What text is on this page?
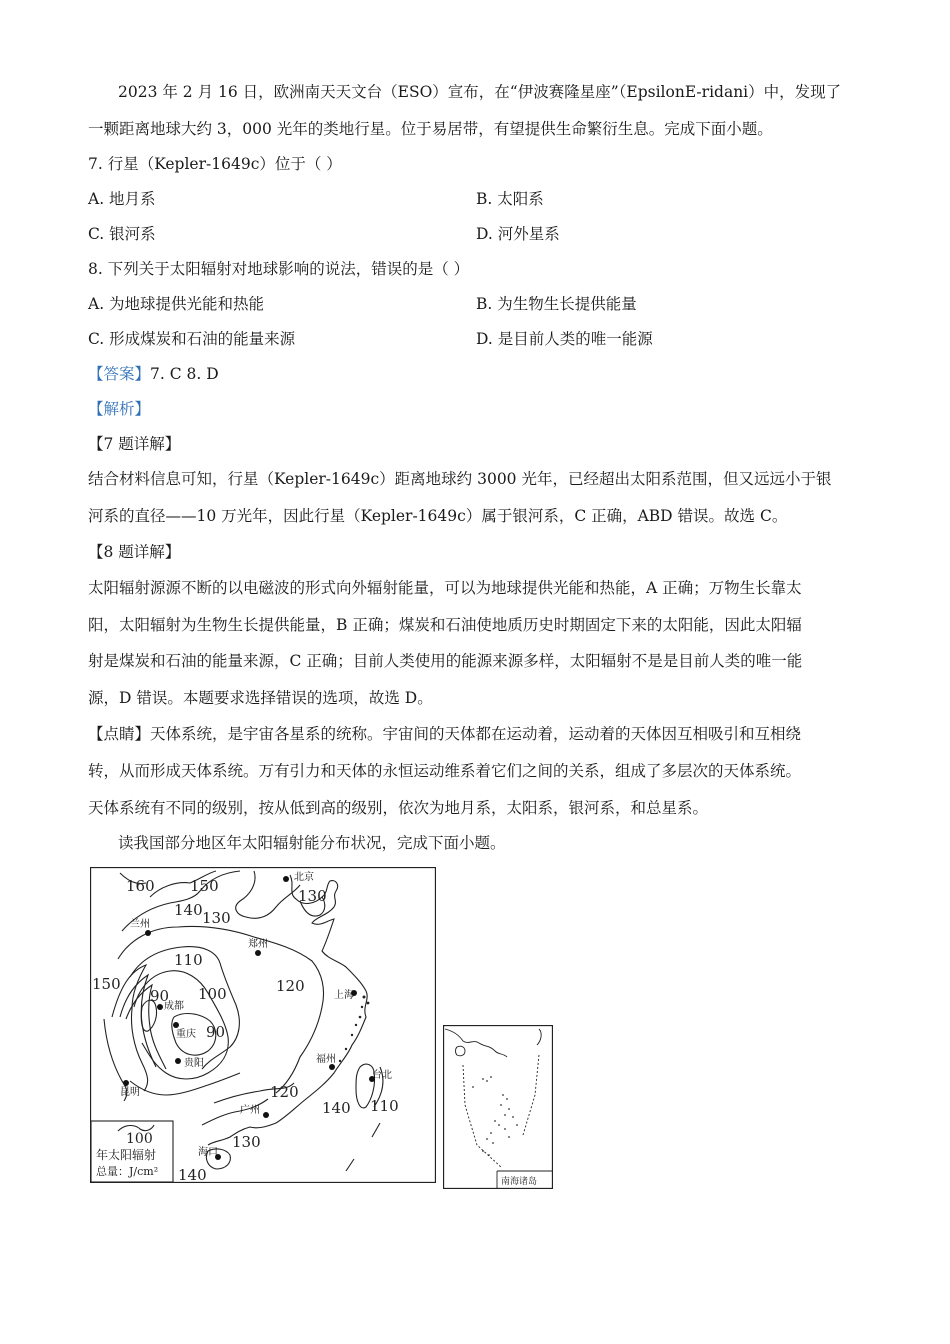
2023 年 2 月 16 日，欧洲南天天文台（ESO）宣布，在“伊波赛隆星座”（EpsilonE-ridani）中，发现了
一颗距离地球大约 3，000 光年的类地行星。位于易居带，有望提供生命繁衍生息。完成下面小题。
7. 行星（Kepler-1649c）位于（ ）
A. 地月系	B. 太阳系
C. 银河系	D. 河外星系
8. 下列关于太阳辐射对地球影响的说法，错误的是（ ）
A. 为地球提供光能和热能	B. 为生物生长提供能量
C. 形成煤炭和石油的能量来源	D. 是目前人类的唯一能源
【答案】7. C 8. D
【解析】
【7 题详解】
结合材料信息可知，行星（Kepler-1649c）距离地球约 3000 光年，已经超出太阳系范围，但又远远小于银
河系的直径——10 万光年，因此行星（Kepler-1649c）属于银河系，C 正确，ABD 错误。故选 C。
【8 题详解】
太阳辐射源源不断的以电磁波的形式向外辐射能量，可以为地球提供光能和热能，A 正确；万物生长靠太
阳，太阳辐射为生物生长提供能量，B 正确；煤炭和石油使地质历史时期固定下来的太阳能，因此太阳辐
射是煤炭和石油的能量来源，C 正确；目前人类使用的能源来源多样，太阳辐射不是是目前人类的唯一能
源，D 错误。本题要求选择错误的选项，故选 D。
【点睛】天体系统，是宇宙各星系的统称。宇宙间的天体都在运动着，运动着的天体因互相吸引和互相绕
转，从而形成天体系统。万有引力和天体的永恒运动维系着它们之间的关系，组成了多层次的天体系统。
天体系统有不同的级别，按从低到高的级别，依次为地月系，太阳系，银河系，和总星系。
读我国部分地区年太阳辐射能分布状况，完成下面小题。
北京
兰州
郑州
上海
成都
重庆
贵阳
昆明
福州
台北
广州
海口
160 150
140 130
130
110
120
150
90 100
90
120
140 110
130
140
100
年太阳辐射
总量：J/cm²
南海诸岛
